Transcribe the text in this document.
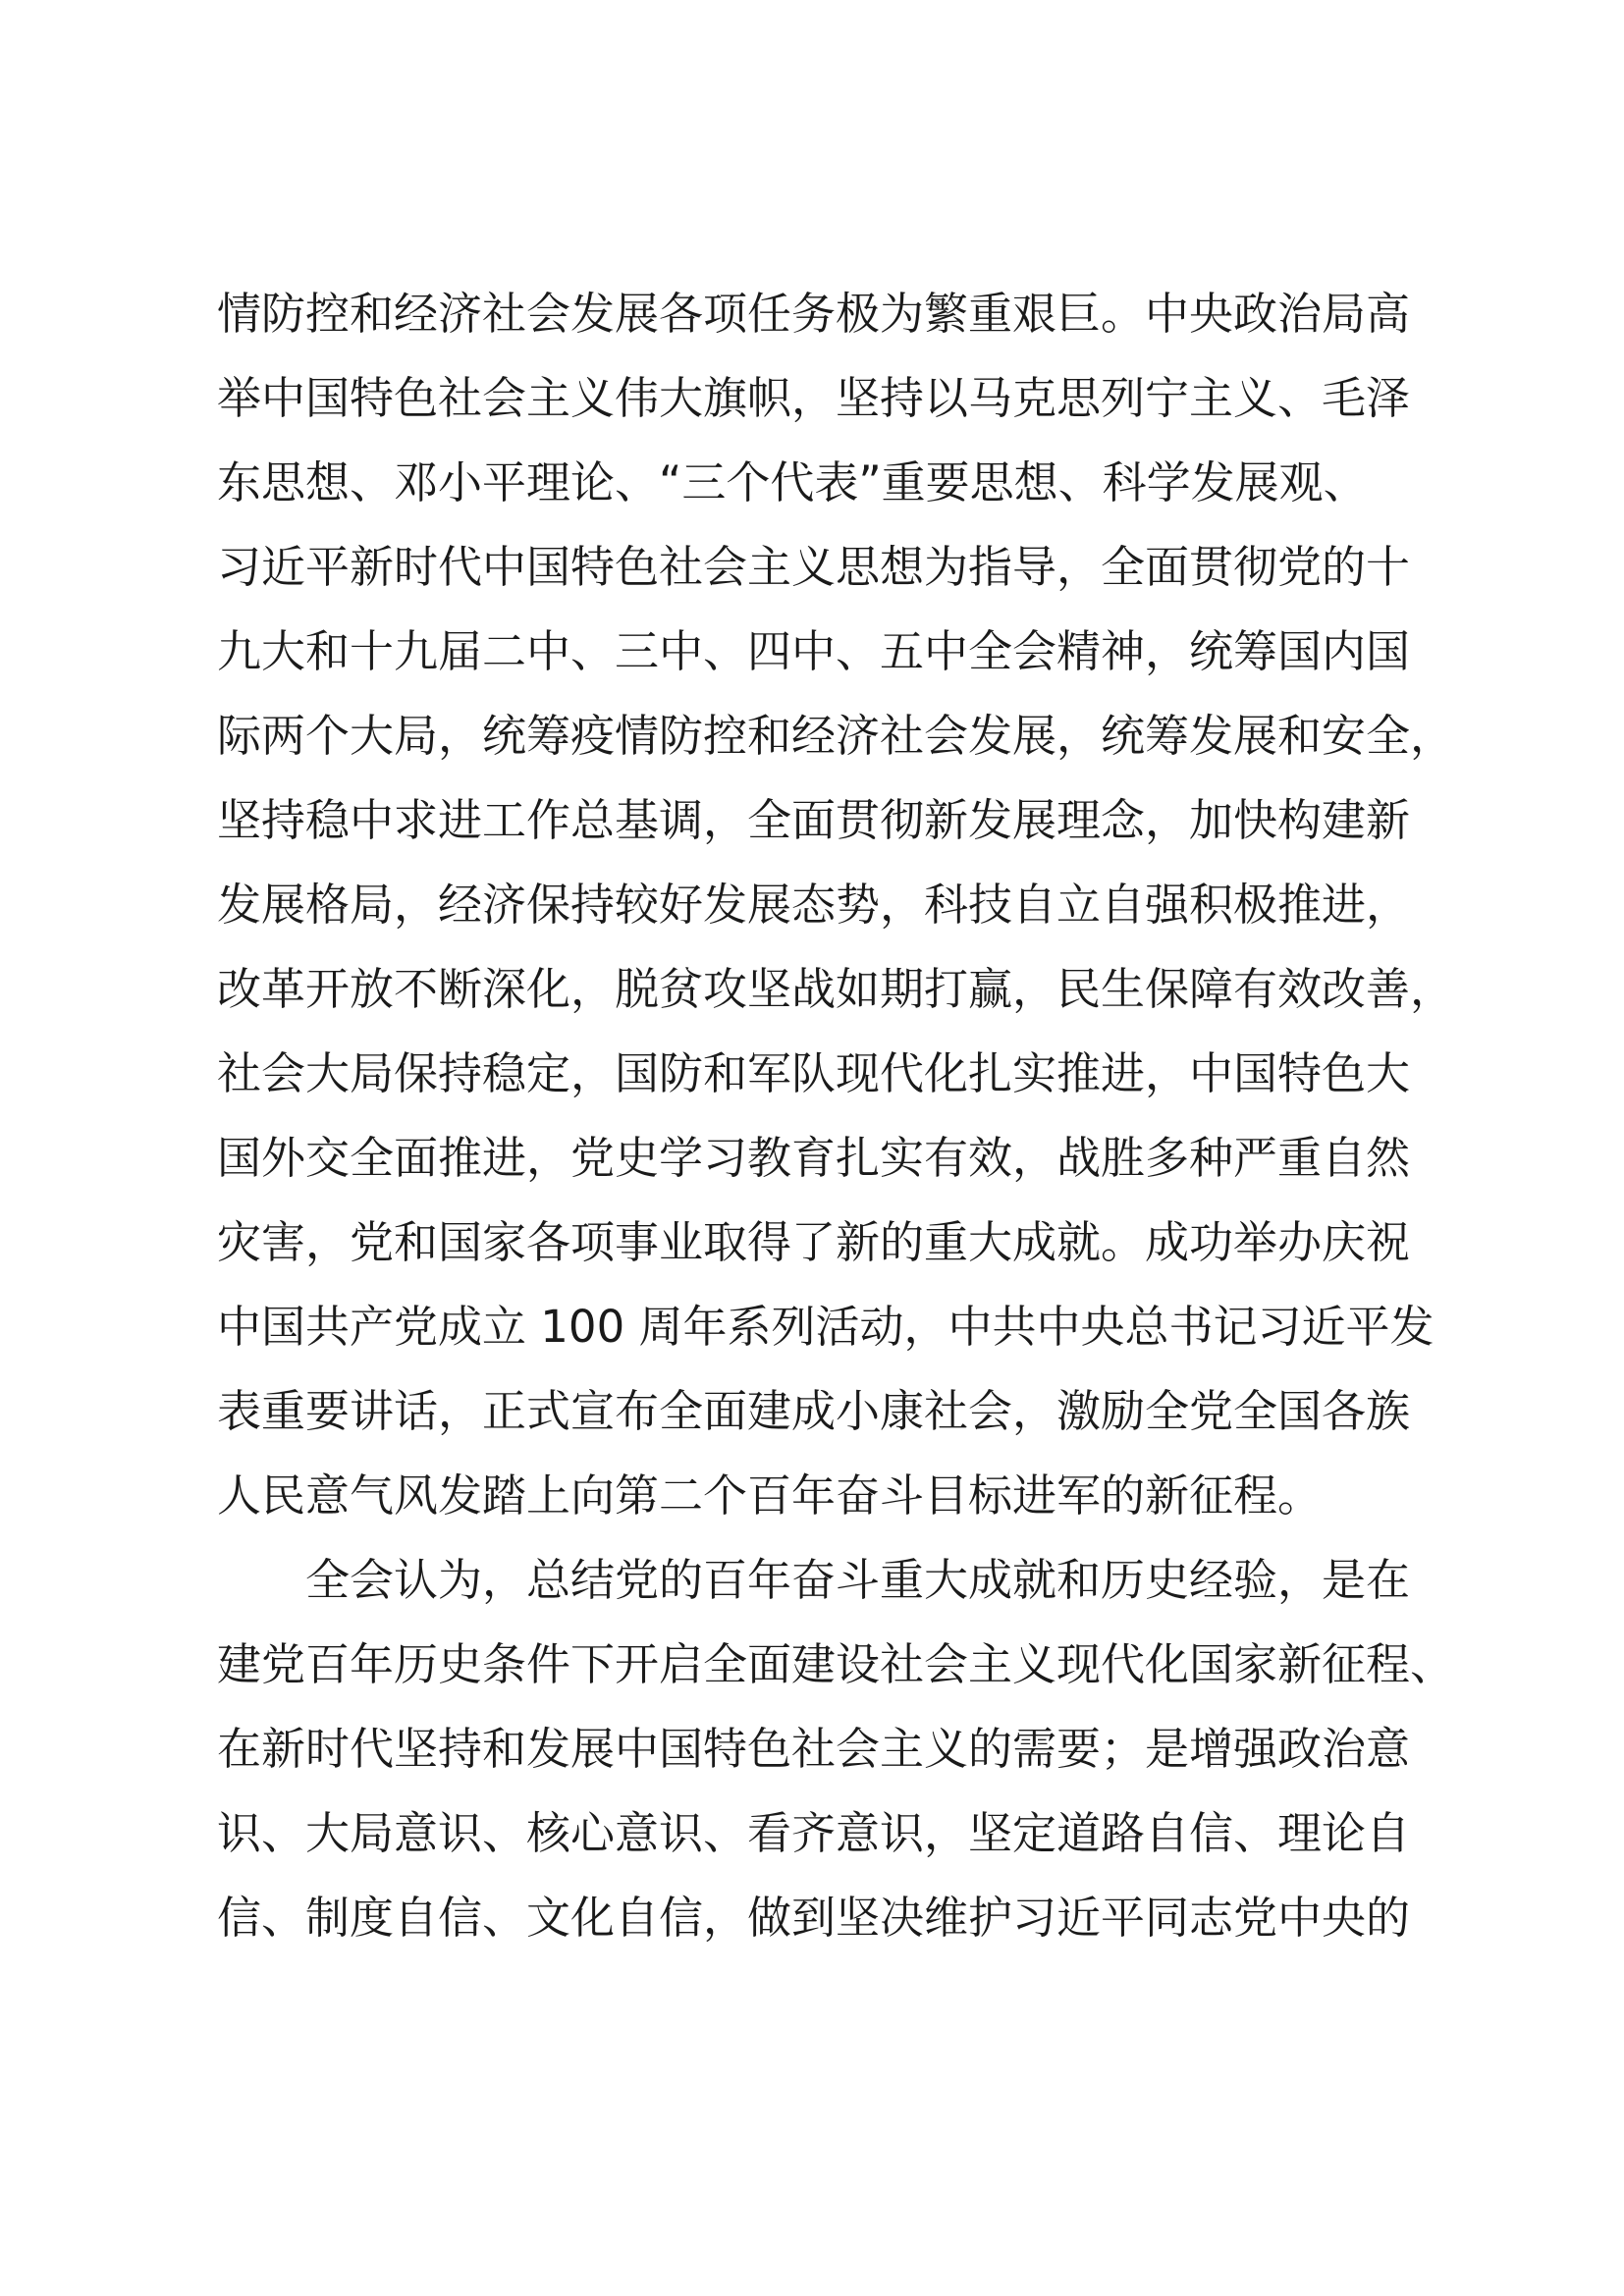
情防控和经济社会发展各项任务极为繁重艰巨。中央政治局高

举中国特色社会主义伟大旗帜，坚持以马克思列宁主义、毛泽

东思想、邓小平理论、“三个代表”重要思想、科学发展观、

习近平新时代中国特色社会主义思想为指导，全面贯彻党的十

九大和十九届二中、三中、四中、五中全会精神，统筹国内国

际两个大局，统筹疫情防控和经济社会发展，统筹发展和安全，

坚持稳中求进工作总基调，全面贯彻新发展理念，加快构建新

发展格局，经济保持较好发展态势，科技自立自强积极推进，

改革开放不断深化，脱贫攻坚战如期打赢，民生保障有效改善，

社会大局保持稳定，国防和军队现代化扎实推进，中国特色大

国外交全面推进，党史学习教育扎实有效，战胜多种严重自然

灾害，党和国家各项事业取得了新的重大成就。成功举办庆祝

中国共产党成立 100 周年系列活动，中共中央总书记习近平发

表重要讲话，正式宣布全面建成小康社会，激励全党全国各族

人民意气风发踏上向第二个百年奋斗目标进军的新征程。

全会认为，总结党的百年奋斗重大成就和历史经验，是在

建党百年历史条件下开启全面建设社会主义现代化国家新征程、

在新时代坚持和发展中国特色社会主义的需要；是增强政治意

识、大局意识、核心意识、看齐意识，坚定道路自信、理论自

信、制度自信、文化自信，做到坚决维护习近平同志党中央的
